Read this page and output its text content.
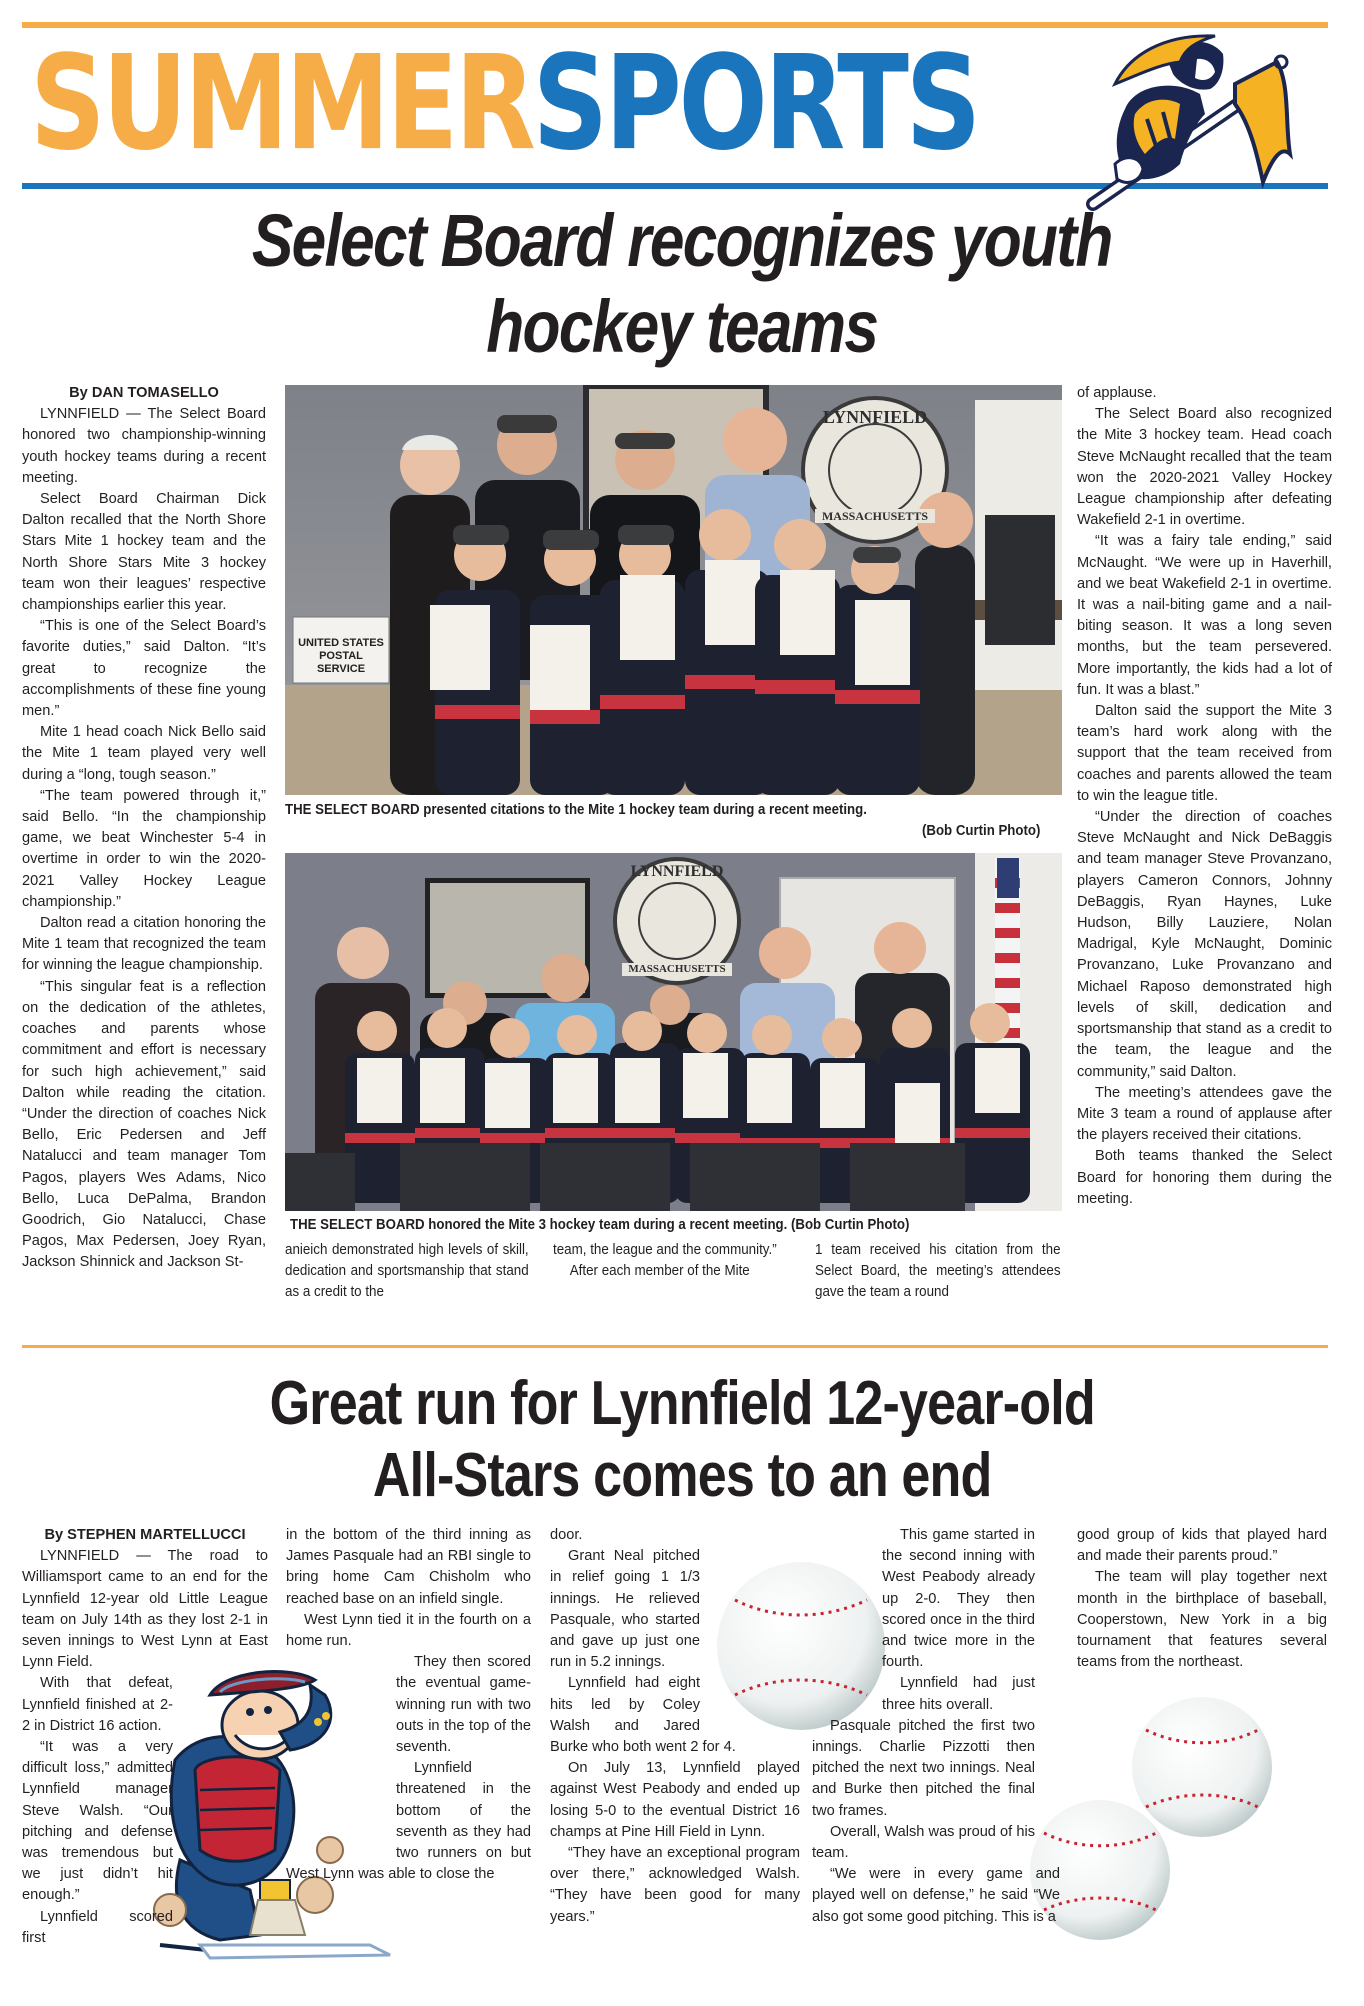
SUMMERSPORTS
Select Board recognizes youth
hockey teams

By DAN TOMASELLO

LYNNFIELD — The Select Board honored two championship-winning youth hockey teams during a recent meeting.

Select Board Chairman Dick Dalton recalled that the North Shore Stars Mite 1 hockey team and the North Shore Stars Mite 3 hockey team won their leagues’ respective championships earlier this year.

“This is one of the Select Board’s favorite duties,” said Dalton. “It’s great to recognize the accomplishments of these fine young men.”

Mite 1 head coach Nick Bello said the Mite 1 team played very well during a “long, tough season.”

“The team powered through it,” said Bello. “In the championship game, we beat Winchester 5-4 in overtime in order to win the 2020-2021 Valley Hockey League championship.”

Dalton read a citation honoring the Mite 1 team that recognized the team for winning the league championship.

“This singular feat is a reflection on the dedication of the athletes, coaches and parents whose commitment and effort is necessary for such high achievement,” said Dalton while reading the citation. “Under the direction of coaches Nick Bello, Eric Pedersen and Jeff Natalucci and team manager Tom Pagos, players Wes Adams, Nico Bello, Luca DePalma, Brandon Goodrich, Gio Natalucci, Chase Pagos, Max Pedersen, Joey Ryan, Jackson Shinnick and Jackson St-

LYNNFIELD
MASSACHUSETTS
UNITED STATES POSTAL SERVICE
THE SELECT BOARD presented citations to the Mite 1 hockey team during a recent meeting.
(Bob Curtin Photo)
LYNNFIELD
MASSACHUSETTS
THE SELECT BOARD honored the Mite 3 hockey team during a recent meeting. (Bob Curtin Photo)

anieich demonstrated high levels of skill, dedication and sportsmanship that stand as a credit to the

team, the league and the community.”

After each member of the Mite

1 team received his citation from the Select Board, the meeting’s attendees gave the team a round

of applause.

The Select Board also recognized the Mite 3 hockey team. Head coach Steve McNaught recalled that the team won the 2020-2021 Valley Hockey League championship after defeating Wakefield 2-1 in overtime.

“It was a fairy tale ending,” said McNaught. “We were up in Haverhill, and we beat Wakefield 2-1 in overtime. It was a nail-biting game and a nail-biting season. It was a long seven months, but the team persevered. More importantly, the kids had a lot of fun. It was a blast.”

Dalton said the support the Mite 3 team’s hard work along with the support that the team received from coaches and parents allowed the team to win the league title.

“Under the direction of coaches Steve McNaught and Nick DeBaggis and team manager Steve Provanzano, players Cameron Connors, Johnny DeBaggis, Ryan Haynes, Luke Hudson, Billy Lauziere, Nolan Madrigal, Kyle McNaught, Dominic Provanzano, Luke Provanzano and Michael Raposo demonstrated high levels of skill, dedication and sportsmanship that stand as a credit to the team, the league and the community,” said Dalton.

The meeting’s attendees gave the Mite 3 team a round of applause after the players received their citations.

Both teams thanked the Select Board for honoring them during the meeting.

Great run for Lynnfield 12-year-old
All-Stars comes to an end

By STEPHEN MARTELLUCCI

LYNNFIELD — The road to Williamsport came to an end for the Lynnfield 12-year old Little League team on July 14th as they lost 2-1 in seven innings to West Lynn at East Lynn Field.

With that defeat, Lynnfield finished at 2-2 in District 16 action.

“It was a very difficult loss,” admitted Lynnfield manager Steve Walsh. “Our pitching and defense was tremendous but we just didn’t hit enough.”

Lynnfield scored first

in the bottom of the third inning as James Pasquale had an RBI single to bring home Cam Chisholm who reached base on an infield single.

West Lynn tied it in the fourth on a home run.

They then scored the eventual game-winning run with two outs in the top of the seventh.

Lynnfield threatened in the bottom of the seventh as they had two runners on but West Lynn was able to close the

door.

Grant Neal pitched in relief going 1 1/3 innings. He relieved Pasquale, who started and gave up just one run in 5.2 innings.

Lynnfield had eight hits led by Coley Walsh and Jared Burke who both went 2 for 4.

On July 13, Lynnfield played against West Peabody and ended up losing 5-0 to the eventual District 16 champs at Pine Hill Field in Lynn.

“They have an exceptional program over there,” acknowledged Walsh. “They have been good for many years.”

This game started in the second inning with West Peabody already up 2-0. They then scored once in the third and twice more in the fourth.

Lynnfield had just three hits overall.

Pasquale pitched the first two innings. Charlie Pizzotti then pitched the next two innings. Neal and Burke then pitched the final two frames.

Overall, Walsh was proud of his team.

“We were in every game and played well on defense,” he said “We also got some good pitching. This is a

good group of kids that played hard and made their parents proud.”

The team will play together next month in the birthplace of baseball, Cooperstown, New York in a big tournament that features several teams from the northeast.
